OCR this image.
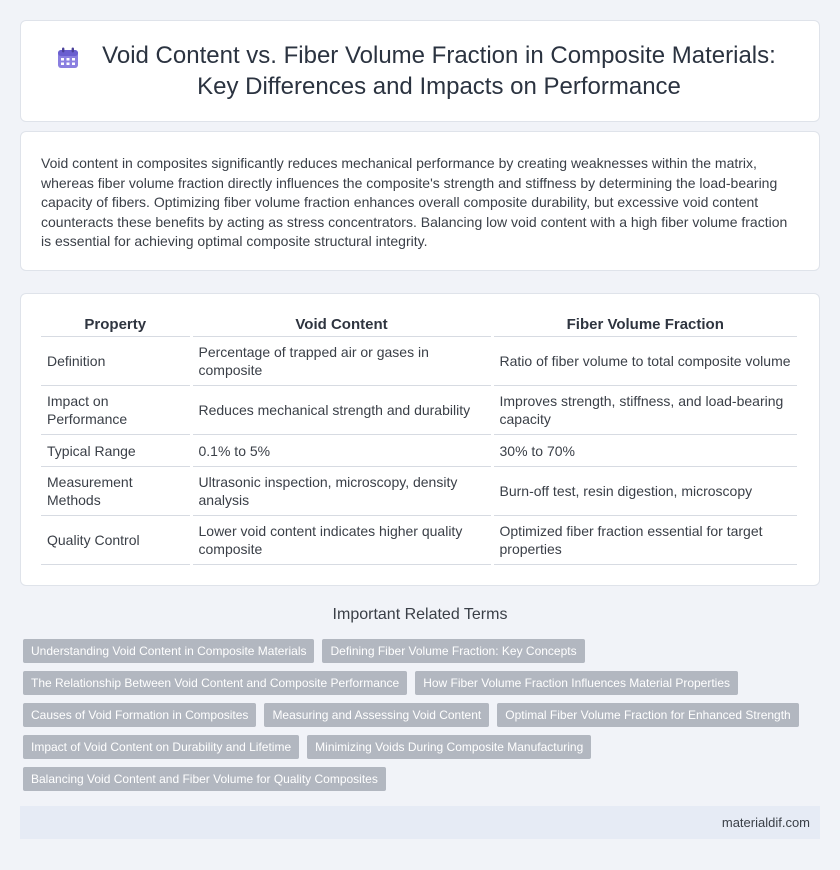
Void Content vs. Fiber Volume Fraction in Composite Materials: Key Differences and Impacts on Performance

Void content in composites significantly reduces mechanical performance by creating weaknesses within the matrix, whereas fiber volume fraction directly influences the composite's strength and stiffness by determining the load-bearing capacity of fibers. Optimizing fiber volume fraction enhances overall composite durability, but excessive void content counteracts these benefits by acting as stress concentrators. Balancing low void content with a high fiber volume fraction is essential for achieving optimal composite structural integrity.

Property	Void Content	Fiber Volume Fraction
Definition	Percentage of trapped air or gases in composite	Ratio of fiber volume to total composite volume
Impact on Performance	Reduces mechanical strength and durability	Improves strength, stiffness, and load-bearing capacity
Typical Range	0.1% to 5%	30% to 70%
Measurement Methods	Ultrasonic inspection, microscopy, density analysis	Burn-off test, resin digestion, microscopy
Quality Control	Lower void content indicates higher quality composite	Optimized fiber fraction essential for target properties
Important Related Terms
Understanding Void Content in Composite Materials	Defining Fiber Volume Fraction: Key Concepts
The Relationship Between Void Content and Composite Performance	How Fiber Volume Fraction Influences Material Properties
Causes of Void Formation in Composites	Measuring and Assessing Void Content	Optimal Fiber Volume Fraction for Enhanced Strength
Impact of Void Content on Durability and Lifetime	Minimizing Voids During Composite Manufacturing
Balancing Void Content and Fiber Volume for Quality Composites
materialdif.com
